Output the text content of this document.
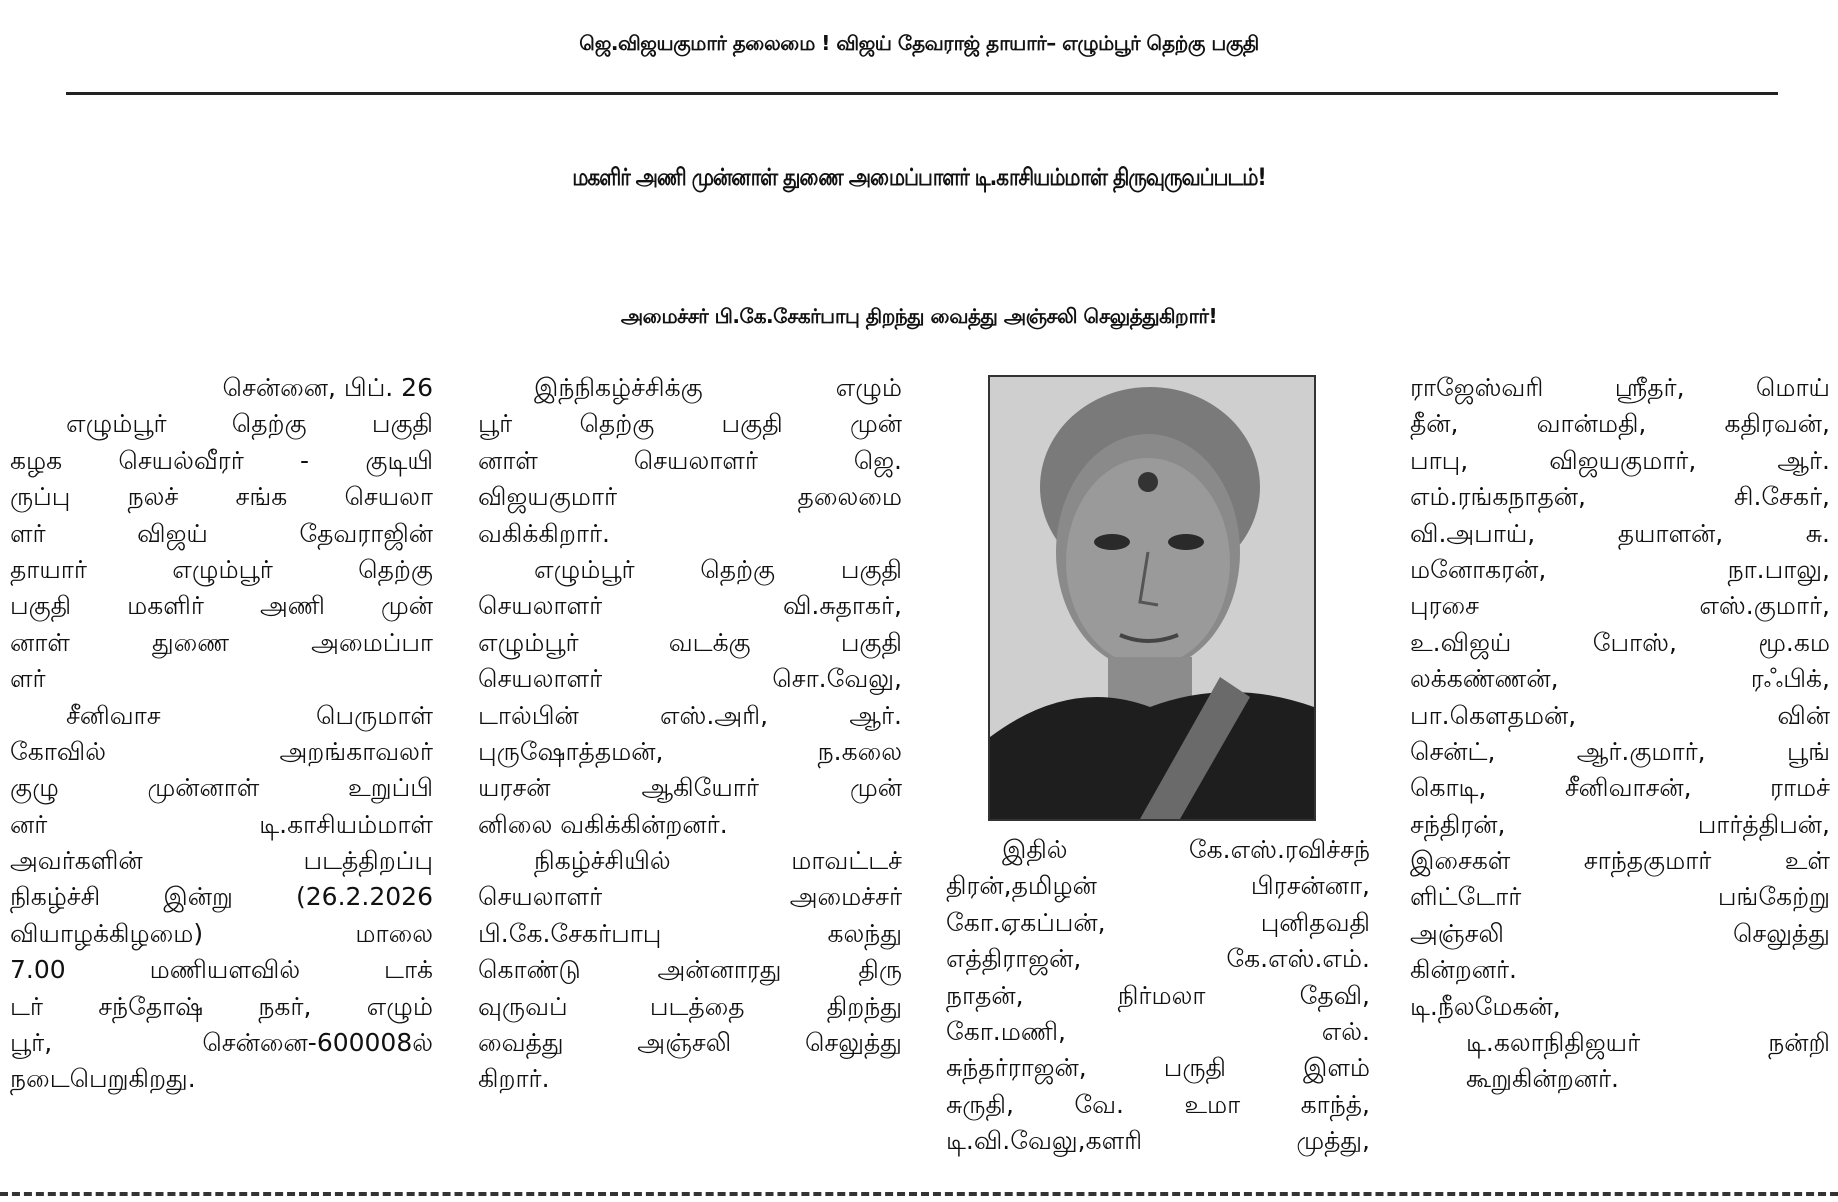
ஜெ.விஜயகுமார் தலைமை ! விஜய் தேவராஜ் தாயார்– எழும்பூர் தெற்கு பகுதி
மகளிர் அணி முன்னாள் துணை அமைப்பாளர் டி.காசியம்மாள் திருவுருவப்படம்!
அமைச்சர் பி.கே.சேகர்பாபு திறந்து வைத்து அஞ்சலி செலுத்துகிறார்!
சென்னை, பிப். 26
எழும்பூர் தெற்கு பகுதி
கழக செயல்வீரர் - குடியி
ருப்பு நலச் சங்க செயலா
ளர் விஜய் தேவராஜின்
தாயார் எழும்பூர் தெற்கு
பகுதி மகளிர் அணி முன்
னாள் துணை அமைப்பா
ளர்
சீனிவாச பெருமாள்
கோவில் அறங்காவலர்
குழு முன்னாள் உறுப்பி
னர் டி.காசியம்மாள்
அவர்களின் படத்திறப்பு
நிகழ்ச்சி இன்று (26.2.2026
வியாழக்கிழமை) மாலை
7.00 மணியளவில் டாக்
டர் சந்தோஷ் நகர், எழும்
பூர், சென்னை-600008ல்
நடைபெறுகிறது.
இந்நிகழ்ச்சிக்கு எழும்
பூர் தெற்கு பகுதி முன்
னாள் செயலாளர் ஜெ.
விஜயகுமார் தலைமை
வகிக்கிறார்.
எழும்பூர் தெற்கு பகுதி
செயலாளர் வி.சுதாகர்,
எழும்பூர் வடக்கு பகுதி
செயலாளர் சொ.வேலு,
டால்பின் எஸ்.அரி, ஆர்.
புருஷோத்தமன், ந.கலை
யரசன் ஆகியோர் முன்
னிலை வகிக்கின்றனர்.
நிகழ்ச்சியில் மாவட்டச்
செயலாளர் அமைச்சர்
பி.கே.சேகர்பாபு கலந்து
கொண்டு அன்னாரது திரு
வுருவப் படத்தை திறந்து
வைத்து அஞ்சலி செலுத்து
கிறார்.
இதில் கே.எஸ்.ரவிச்சந்
திரன்,தமிழன் பிரசன்னா,
கோ.ஏகப்பன், புனிதவதி
எத்திராஜன், கே.எஸ்.எம்.
நாதன், நிர்மலா தேவி,
கோ.மணி, எல்.
சுந்தர்ராஜன், பருதி இளம்
சுருதி, வே. உமா காந்த்,
டி.வி.வேலு,களரி முத்து,
ராஜேஸ்வரி ஸ்ரீதர், மொய்
தீன், வான்மதி, கதிரவன்,
பாபு, விஜயகுமார், ஆர்.
எம்.ரங்கநாதன், சி.சேகர்,
வி.அபாய், தயாளன், சு.
மனோகரன், நா.பாலு,
புரசை எஸ்.குமார்,
உ.விஜய் போஸ், மூ.கம
லக்கண்ணன், ரஃபிக்,
பா.கௌதமன், வின்
சென்ட், ஆர்.குமார், பூங்
கொடி, சீனிவாசன், ராமச்
சந்திரன், பார்த்திபன்,
இசைகள் சாந்தகுமார் உள்
ளிட்டோர் பங்கேற்று
அஞ்சலி செலுத்து
கின்றனர்.
டி.நீலமேகன்,
டி.கலாநிதிஜயர் நன்றி
கூறுகின்றனர்.
